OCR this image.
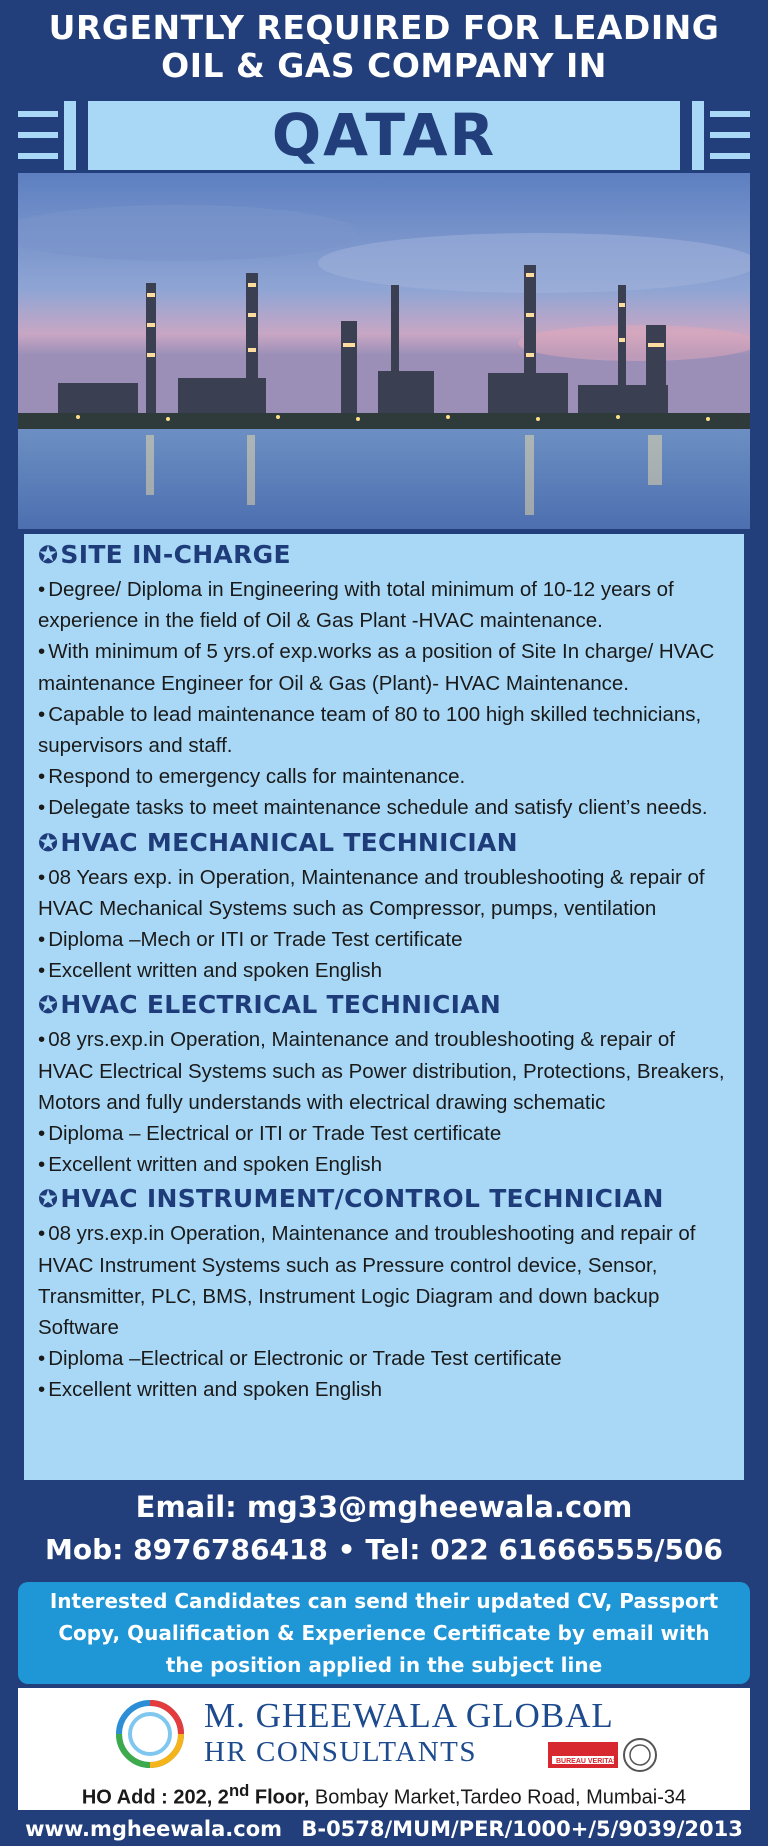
URGENTLY REQUIRED FOR LEADING
OIL & GAS COMPANY IN
QATAR
✪SITE IN-CHARGE
• Degree/ Diploma in Engineering with total minimum of 10-12 years of experience in the field of Oil & Gas Plant -HVAC maintenance.
• With minimum of 5 yrs.of exp.works as a position of Site In charge/ HVAC maintenance Engineer for Oil & Gas (Plant)- HVAC Maintenance.
• Capable to lead maintenance team of 80 to 100 high skilled technicians, supervisors and staff.
• Respond to emergency calls for maintenance.
• Delegate tasks to meet maintenance schedule and satisfy client’s needs.
✪HVAC MECHANICAL TECHNICIAN
• 08 Years exp. in Operation, Maintenance and troubleshooting & repair of HVAC Mechanical Systems such as Compressor, pumps, ventilation
• Diploma –Mech or ITI or Trade Test certificate
• Excellent written and spoken English
✪HVAC ELECTRICAL TECHNICIAN
• 08 yrs.exp.in Operation, Maintenance and troubleshooting & repair of HVAC Electrical Systems such as Power distribution, Protections, Breakers, Motors and fully understands with electrical drawing schematic
• Diploma – Electrical or ITI or Trade Test certificate
• Excellent written and spoken English
✪HVAC INSTRUMENT/CONTROL TECHNICIAN
• 08 yrs.exp.in Operation, Maintenance and troubleshooting and repair of HVAC Instrument Systems such as Pressure control device, Sensor, Transmitter, PLC, BMS, Instrument Logic Diagram and down backup Software
• Diploma –Electrical or Electronic or Trade Test certificate
• Excellent written and spoken English
Email: mg33@mgheewala.com
Mob: 8976786418 • Tel: 022 61666555/506
Interested Candidates can send their updated CV, Passport
Copy, Qualification & Experience Certificate by email with
the position applied in the subject line
M. GHEEWALA GLOBAL
HR CONSULTANTS	BUREAU VERITAS
HO Add : 202, 2nd Floor, Bombay Market,Tardeo Road, Mumbai-34
www.mgheewala.com B-0578/MUM/PER/1000+/5/9039/2013
